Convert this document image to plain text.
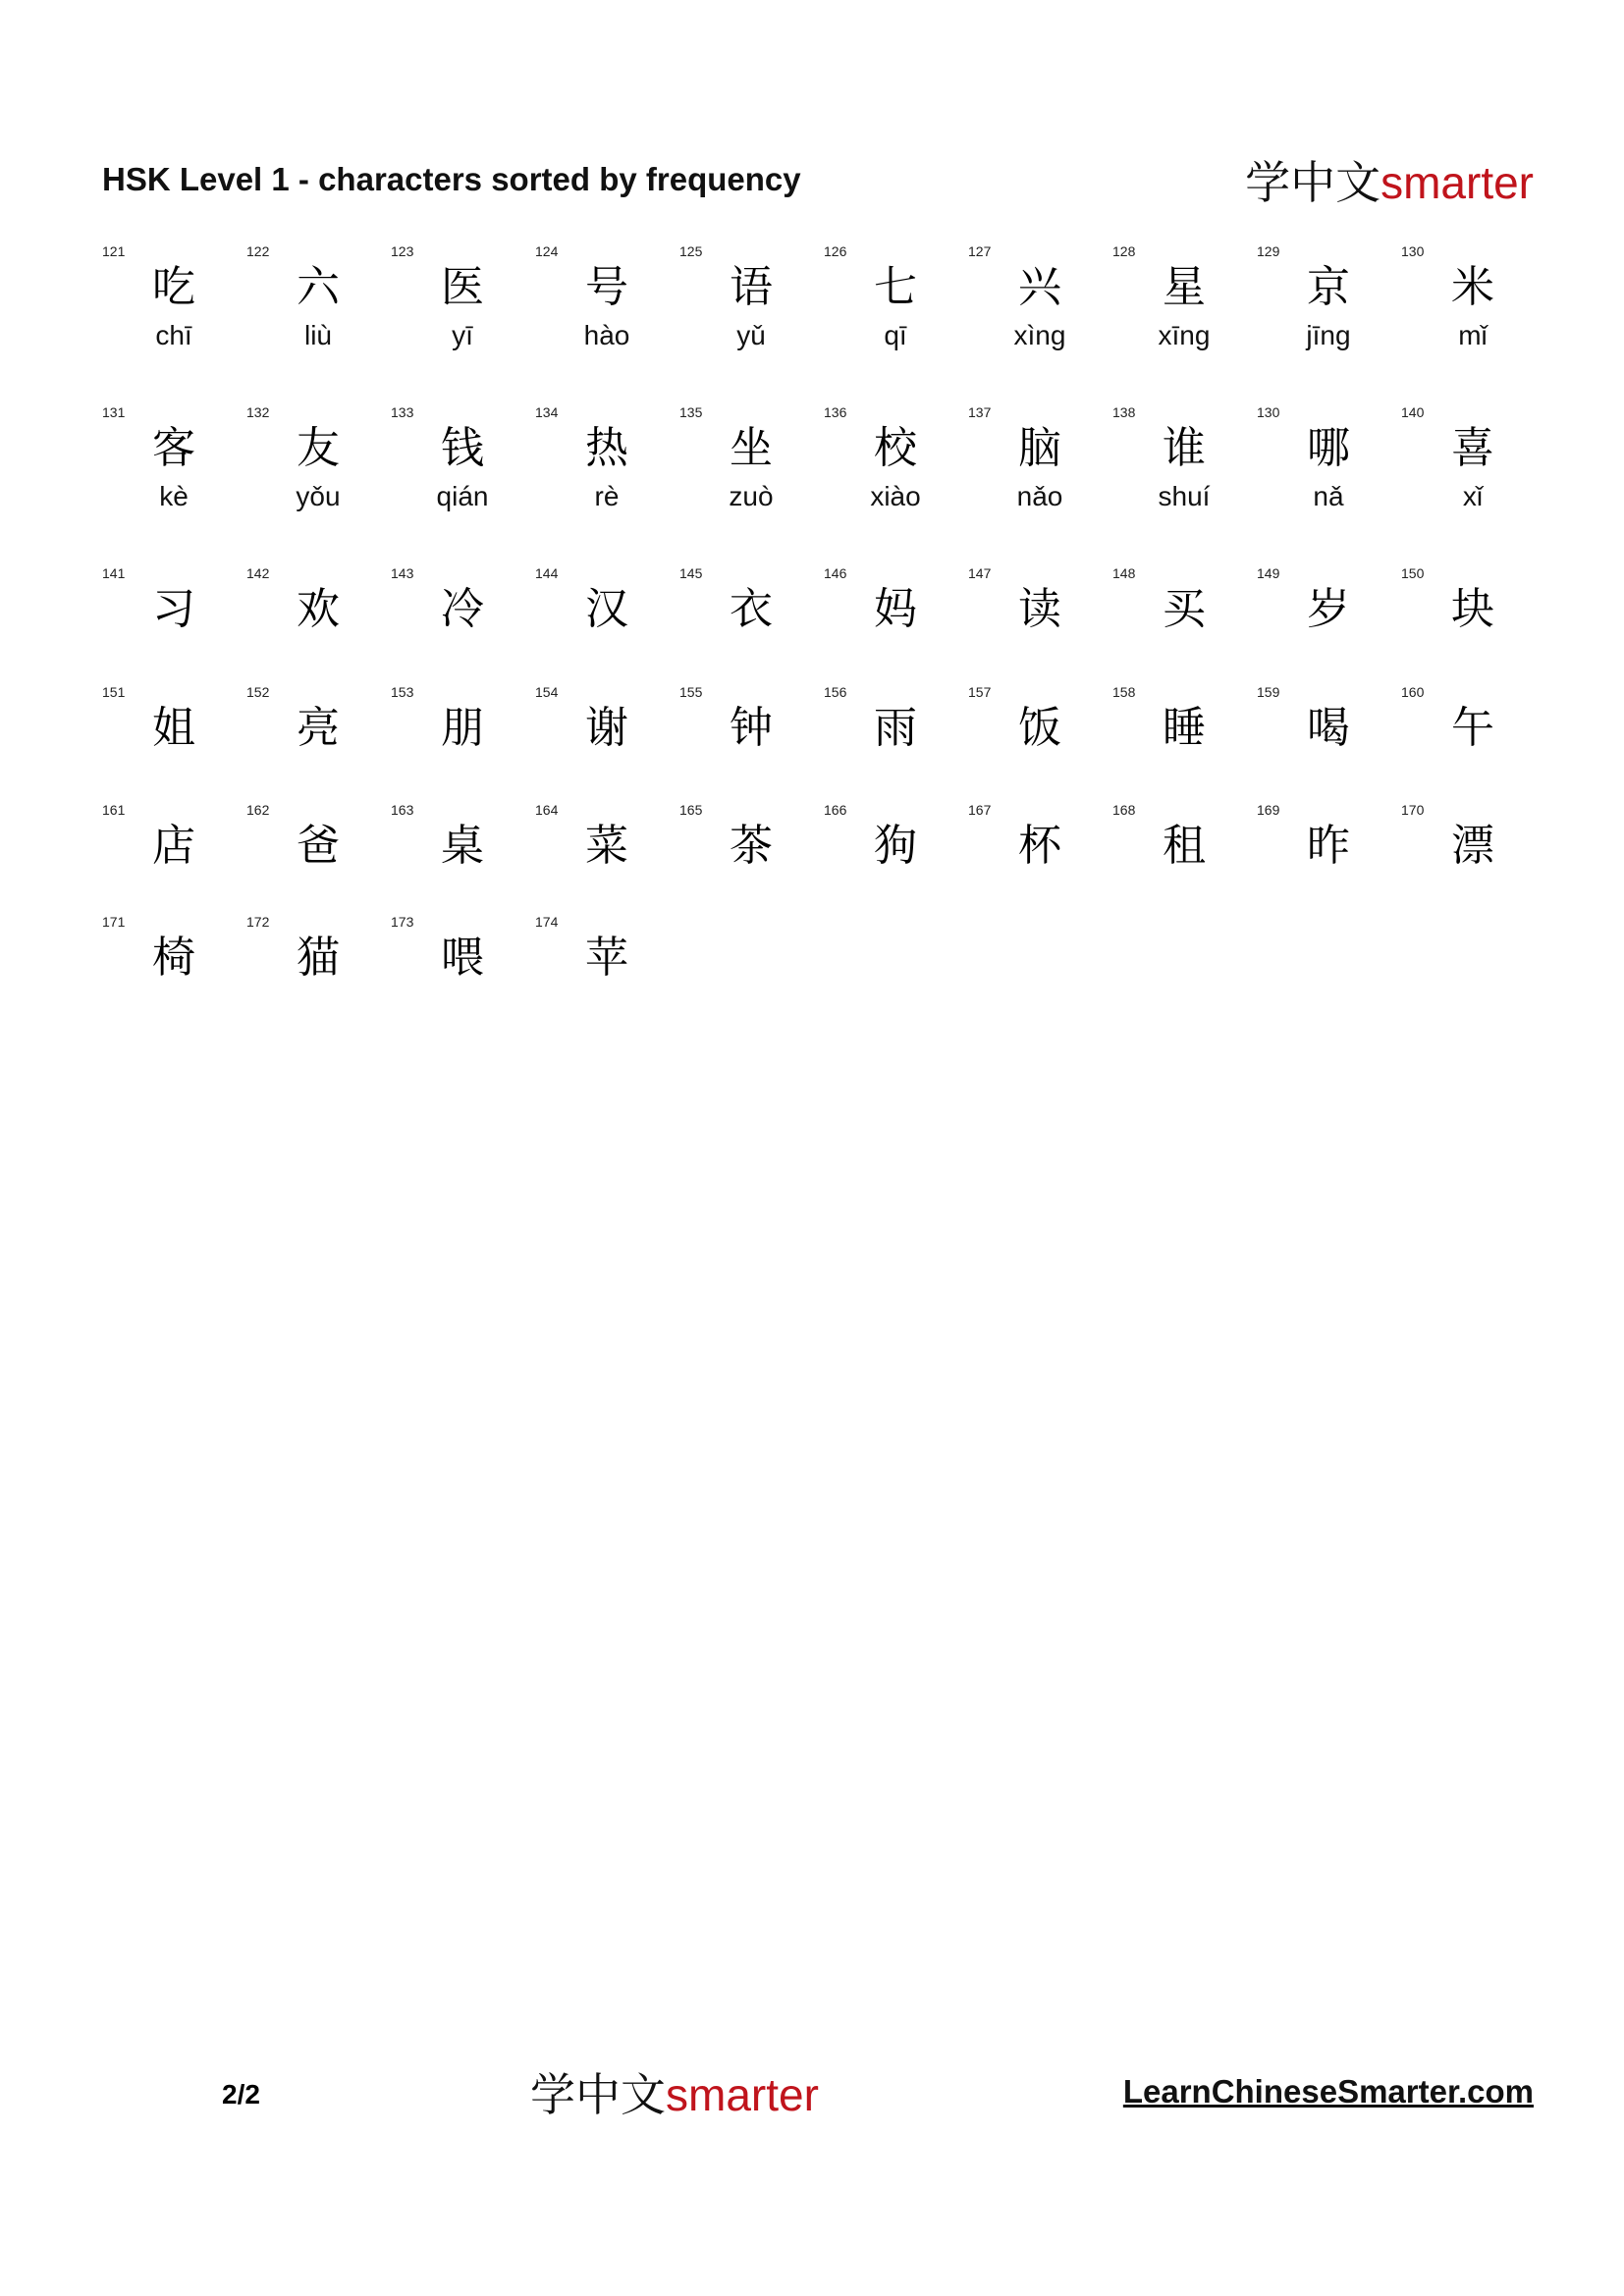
HSK Level 1 - characters sorted by frequency	学中文smarter
121
吃
chī
122
六
liù
123
医
yī
124
号
hào
125
语
yǔ
126
七
qī
127
兴
xìng
128
星
xīng
129
京
jīng
130
米
mǐ
131
客
kè
132
友
yǒu
133
钱
qián
134
热
rè
135
坐
zuò
136
校
xiào
137
脑
nǎo
138
谁
shuí
130
哪
nǎ
140
喜
xǐ
141
习
142
欢
143
冷
144
汉
145
衣
146
妈
147
读
148
买
149
岁
150
块
151
姐
152
亮
153
朋
154
谢
155
钟
156
雨
157
饭
158
睡
159
喝
160
午
161
店
162
爸
163
桌
164
菜
165
茶
166
狗
167
杯
168
租
169
昨
170
漂
171
椅
172
猫
173
喂
174
苹
2/2	学中文smarter	LearnChineseSmarter.com
